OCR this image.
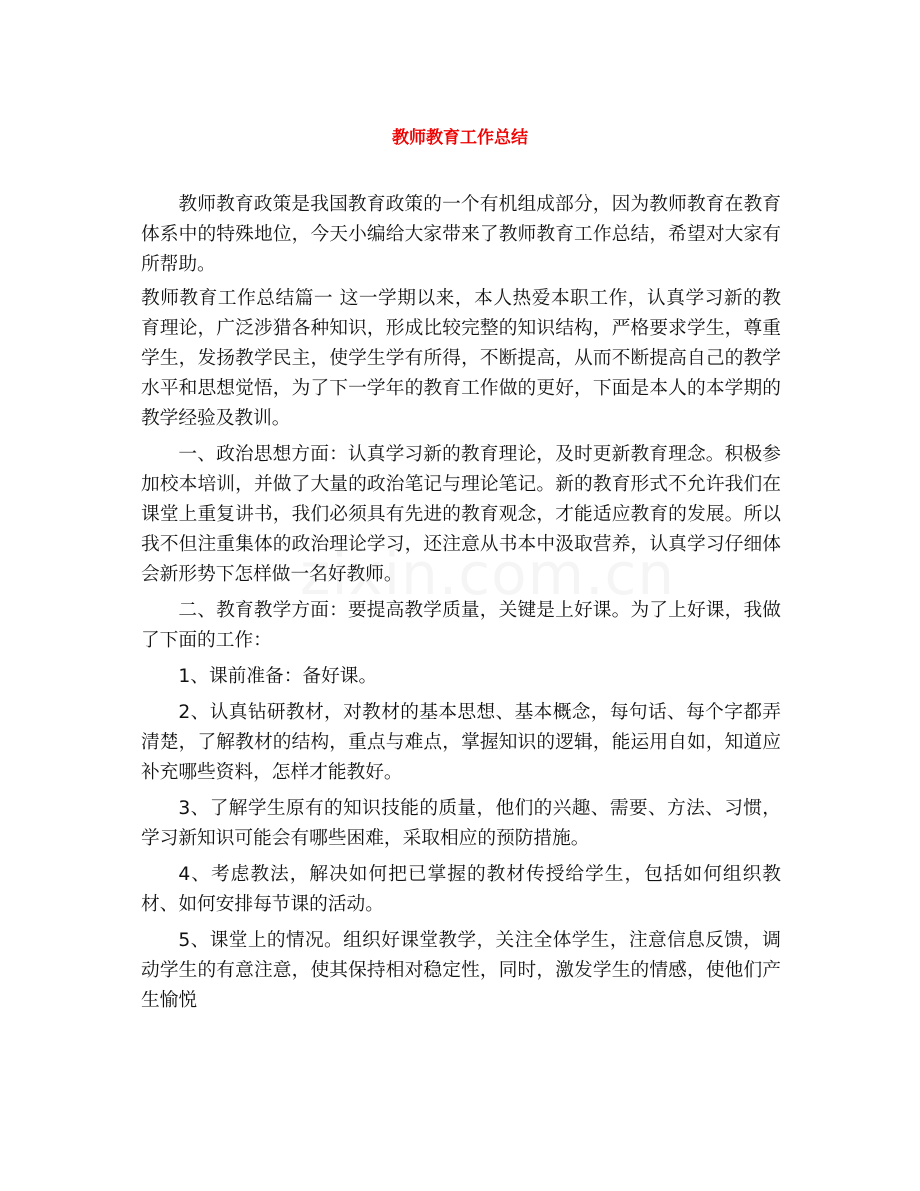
教师教育工作总结

教师教育政策是我国教育政策的一个有机组成部分，因为教师教育在教育体系中的特殊地位，今天小编给大家带来了教师教育工作总结，希望对大家有所帮助。

教师教育工作总结篇一 这一学期以来，本人热爱本职工作，认真学习新的教育理论，广泛涉猎各种知识，形成比较完整的知识结构，严格要求学生，尊重学生，发扬教学民主，使学生学有所得，不断提高，从而不断提高自己的教学水平和思想觉悟，为了下一学年的教育工作做的更好，下面是本人的本学期的教学经验及教训。

一、政治思想方面：认真学习新的教育理论，及时更新教育理念。积极参加校本培训，并做了大量的政治笔记与理论笔记。新的教育形式不允许我们在课堂上重复讲书，我们必须具有先进的教育观念，才能适应教育的发展。所以我不但注重集体的政治理论学习，还注意从书本中汲取营养，认真学习仔细体会新形势下怎样做一名好教师。

二、教育教学方面：要提高教学质量，关键是上好课。为了上好课，我做了下面的工作：

1、课前准备：备好课。

2、认真钻研教材，对教材的基本思想、基本概念，每句话、每个字都弄清楚，了解教材的结构，重点与难点，掌握知识的逻辑，能运用自如，知道应补充哪些资料，怎样才能教好。

3、了解学生原有的知识技能的质量，他们的兴趣、需要、方法、习惯，学习新知识可能会有哪些困难，采取相应的预防措施。

4、考虑教法，解决如何把已掌握的教材传授给学生，包括如何组织教材、如何安排每节课的活动。

5、课堂上的情况。组织好课堂教学，关注全体学生，注意信息反馈，调动学生的有意注意，使其保持相对稳定性，同时，激发学生的情感，使他们产生愉悦
